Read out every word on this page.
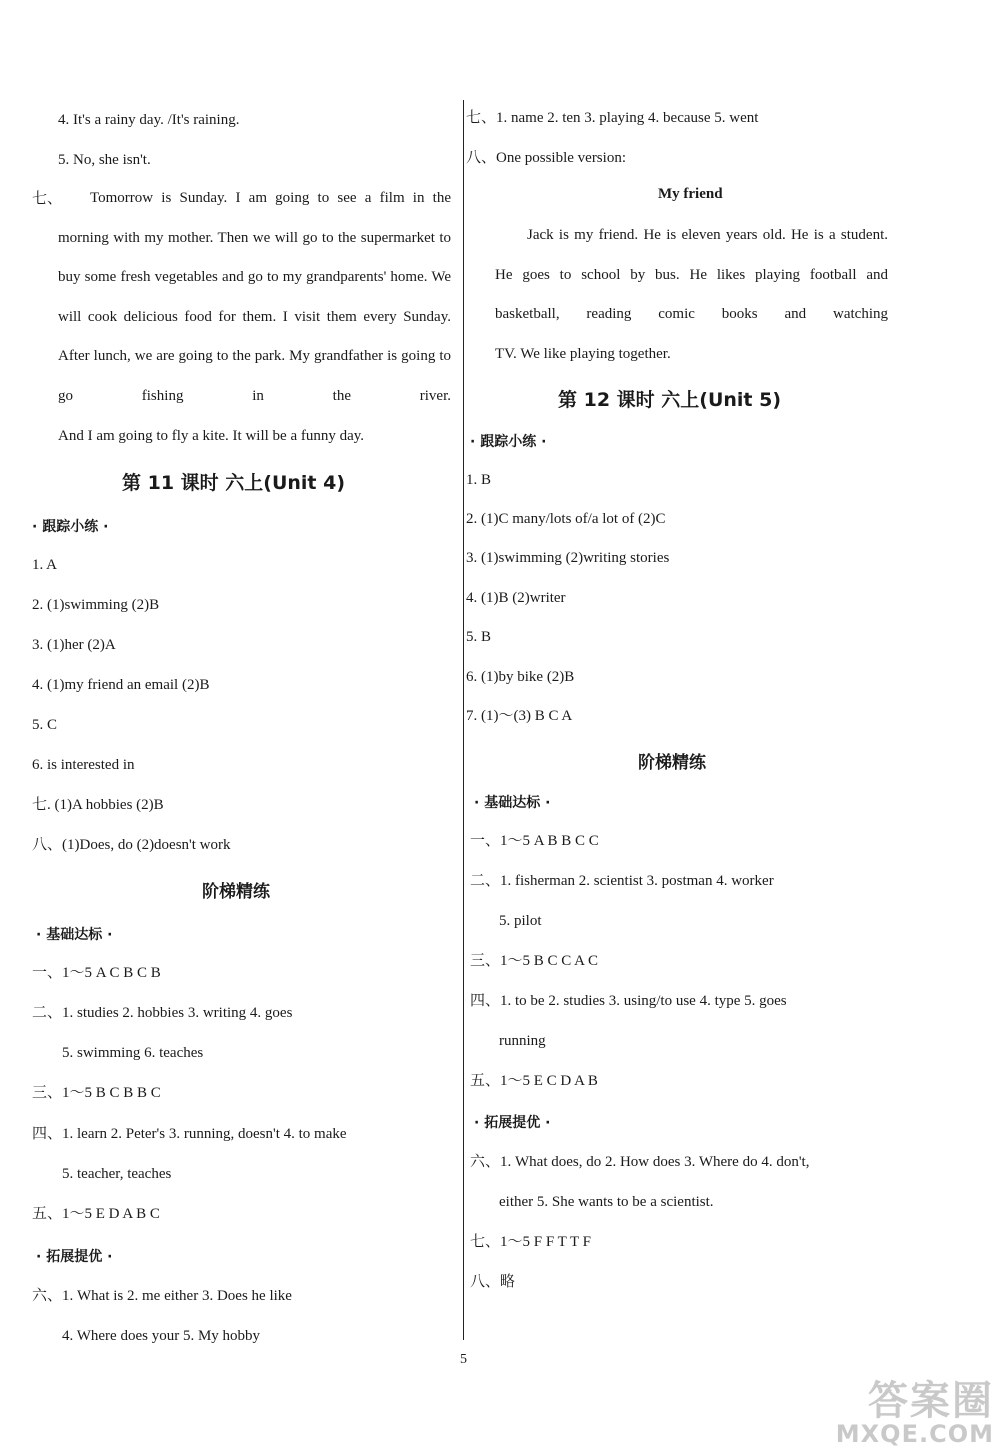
4. It's a rainy day. /It's raining.
5. No, she isn't.
七、	Tomorrow is Sunday. I am going to see a film in the morning with my mother. Then we will go to the supermarket to buy some fresh vegetables and go to my grandparents' home. We will cook delicious food for them. I visit them every Sunday. After lunch, we are going to the park. My grandfather is going to go fishing in the river.
And I am going to fly a kite. It will be a funny day.
第 11 课时 六上(Unit 4)
· 跟踪小练 ·
1. A
2. (1)swimming (2)B
3. (1)her (2)A
4. (1)my friend an email (2)B
5. C
6. is interested in
七. (1)A hobbies (2)B
八、(1)Does, do (2)doesn't work
阶梯精练
· 基础达标 ·
一、1～5 A C B C B
二、1. studies 2. hobbies 3. writing 4. goes
5. swimming 6. teaches
三、1～5 B C B B C
四、1. learn 2. Peter's 3. running, doesn't 4. to make
5. teacher, teaches
五、1～5 E D A B C
· 拓展提优 ·
六、1. What is 2. me either 3. Does he like
4. Where does your 5. My hobby
七、1. name 2. ten 3. playing 4. because 5. went
八、One possible version:
My friend
Jack is my friend. He is eleven years old. He is a student. He goes to school by bus. He likes playing football and basketball, reading comic books and watching
TV. We like playing together.
第 12 课时 六上(Unit 5)
· 跟踪小练 ·
1. B
2. (1)C many/lots of/a lot of (2)C
3. (1)swimming (2)writing stories
4. (1)B (2)writer
5. B
6. (1)by bike (2)B
7. (1)～(3) B C A
阶梯精练
· 基础达标 ·
一、1～5 A B B C C
二、1. fisherman 2. scientist 3. postman 4. worker
5. pilot
三、1～5 B C C A C
四、1. to be 2. studies 3. using/to use 4. type 5. goes
running
五、1～5 E C D A B
· 拓展提优 ·
六、1. What does, do 2. How does 3. Where do 4. don't,
either 5. She wants to be a scientist.
七、1～5 F F T T F
八、略
5
答案圈
MXQE.COM
